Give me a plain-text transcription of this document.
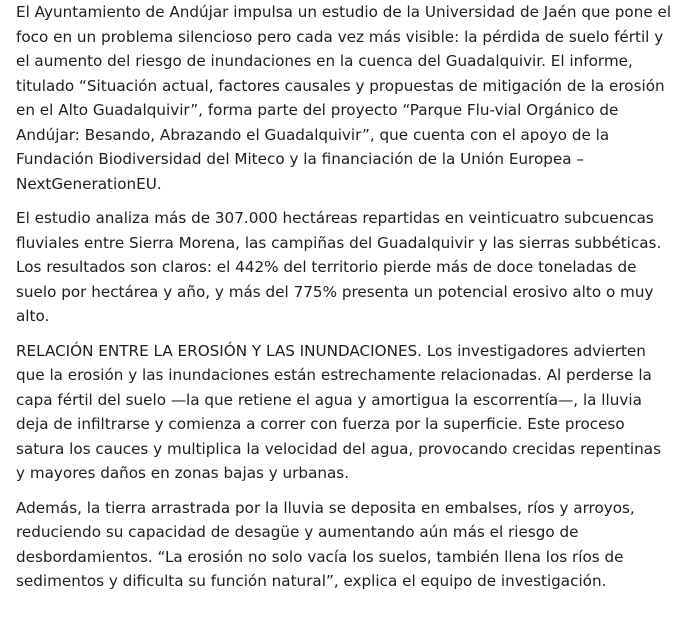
El Ayuntamiento de Andújar impulsa un estudio de la Universidad de Jaén que pone el foco en un problema silencioso pero cada vez más visible: la pérdida de suelo fértil y el aumento del riesgo de inundaciones en la cuenca del Guadalquivir. El informe, titulado “Situación actual, factores causales y propuestas de mitigación de la erosión en el Alto Guadalquivir”, forma parte del proyecto “Parque Flu-vial Orgánico de Andújar: Besando, Abrazando el Guadalquivir”, que cuenta con el apoyo de la Fundación Biodiversidad del Miteco y la financiación de la Unión Europea – NextGenerationEU.

El estudio analiza más de 307.000 hectáreas repartidas en veinticuatro subcuencas fluviales entre Sierra Morena, las campiñas del Guadalquivir y las sierras subbéticas. Los resultados son claros: el 442% del territorio pierde más de doce toneladas de suelo por hectárea y año, y más del 775% presenta un potencial erosivo alto o muy alto.

RELACIÓN ENTRE LA EROSIÓN Y LAS INUNDACIONES. Los investigadores advierten que la erosión y las inundaciones están estrechamente relacionadas. Al perderse la capa fértil del suelo —la que retiene el agua y amortigua la escorrentía—, la lluvia deja de infiltrarse y comienza a correr con fuerza por la superficie. Este proceso satura los cauces y multiplica la velocidad del agua, provocando crecidas repentinas y mayores daños en zonas bajas y urbanas.

Además, la tierra arrastrada por la lluvia se deposita en embalses, ríos y arroyos, reduciendo su capacidad de desagüe y aumentando aún más el riesgo de desbordamientos. “La erosión no solo vacía los suelos, también llena los ríos de sedimentos y dificulta su función natural”, explica el equipo de investigación.
